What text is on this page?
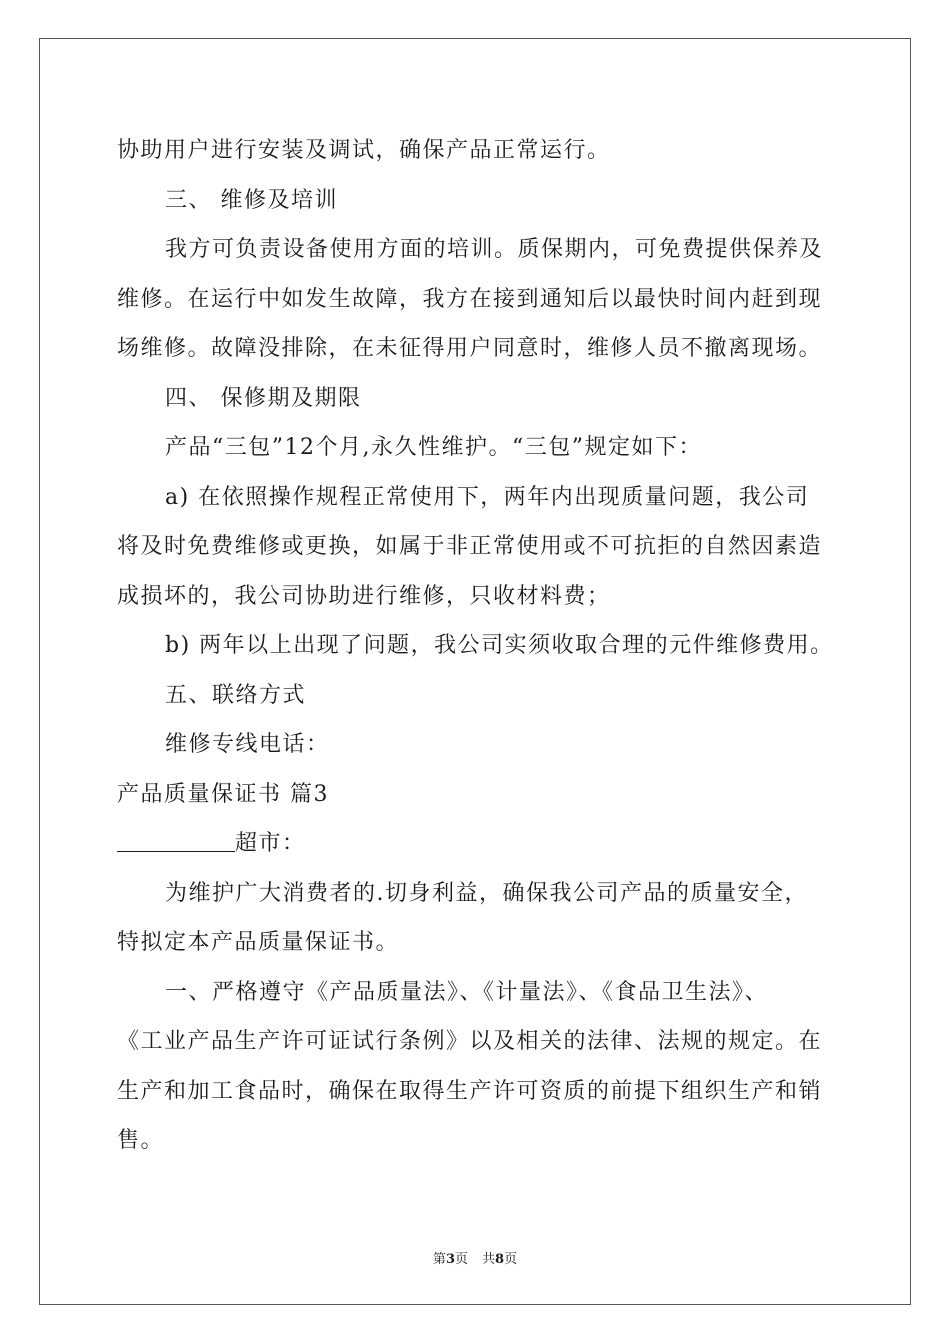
协助用户进行安装及调试，确保产品正常运行。
三、 维修及培训
我方可负责设备使用方面的培训。质保期内，可免费提供保养及
维修。在运行中如发生故障，我方在接到通知后以最快时间内赶到现
场维修。故障没排除，在未征得用户同意时，维修人员不撤离现场。
四、 保修期及期限
产品“三包”12个月,永久性维护。“三包”规定如下：
a) 在依照操作规程正常使用下，两年内出现质量问题，我公司
将及时免费维修或更换，如属于非正常使用或不可抗拒的自然因素造
成损坏的，我公司协助进行维修，只收材料费；
b) 两年以上出现了问题，我公司实须收取合理的元件维修费用。
五、联络方式
维修专线电话：
产品质量保证书 篇3
超市：
为维护广大消费者的.切身利益，确保我公司产品的质量安全，
特拟定本产品质量保证书。
一、严格遵守《产品质量法》、《计量法》、《食品卫生法》、
《工业产品生产许可证试行条例》以及相关的法律、法规的规定。在
生产和加工食品时，确保在取得生产许可资质的前提下组织生产和销
售。
第3页 共8页
